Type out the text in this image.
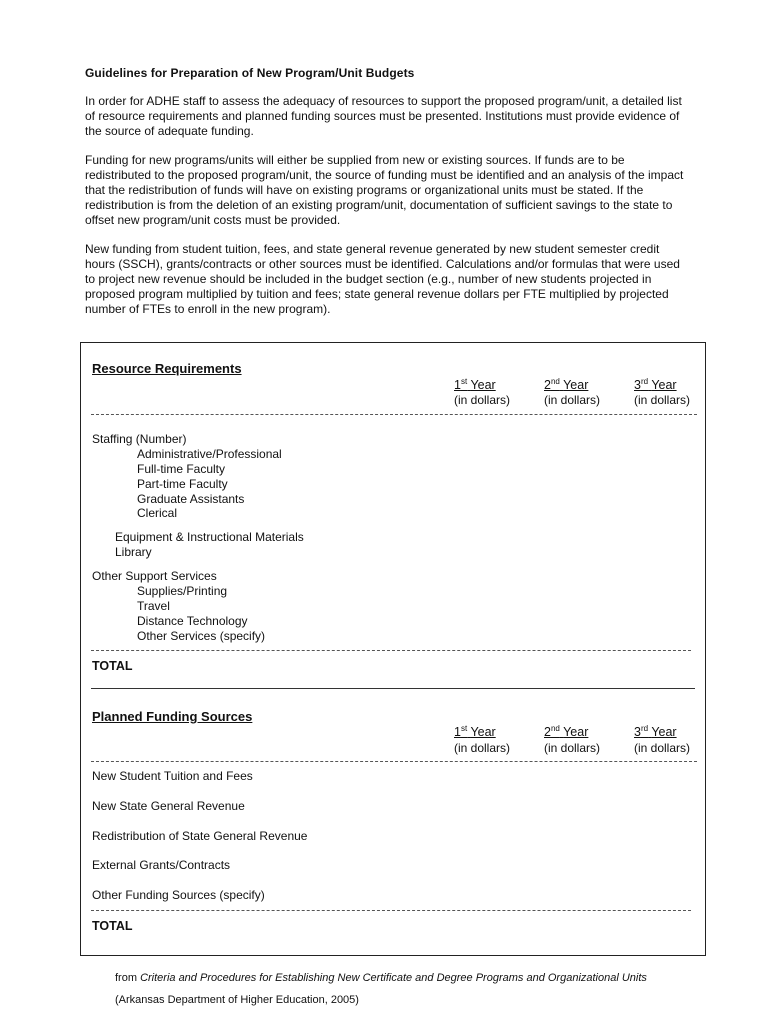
Guidelines for Preparation of New Program/Unit Budgets

In order for ADHE staff to assess the adequacy of resources to support the proposed program/unit, a detailed list of resource requirements and planned funding sources must be presented. Institutions must provide evidence of the source of adequate funding.

Funding for new programs/units will either be supplied from new or existing sources. If funds are to be redistributed to the proposed program/unit, the source of funding must be identified and an analysis of the impact that the redistribution of funds will have on existing programs or organizational units must be stated. If the redistribution is from the deletion of an existing program/unit, documentation of sufficient savings to the state to offset new program/unit costs must be provided.

New funding from student tuition, fees, and state general revenue generated by new student semester credit hours (SSCH), grants/contracts or other sources must be identified. Calculations and/or formulas that were used to project new revenue should be included in the budget section (e.g., number of new students projected in proposed program multiplied by tuition and fees; state general revenue dollars per FTE multiplied by projected number of FTEs to enroll in the new program).

Resource Requirements
1st Year	2nd Year	3rd Year
(in dollars)	(in dollars)	(in dollars)
Staffing (Number)
Administrative/Professional
Full-time Faculty
Part-time Faculty
Graduate Assistants
Clerical
Equipment & Instructional Materials
Library
Other Support Services
Supplies/Printing
Travel
Distance Technology
Other Services (specify)
TOTAL
Planned Funding Sources
1st Year	2nd Year	3rd Year
(in dollars)	(in dollars)	(in dollars)
New Student Tuition and Fees
New State General Revenue
Redistribution of State General Revenue
External Grants/Contracts
Other Funding Sources (specify)
TOTAL
from Criteria and Procedures for Establishing New Certificate and Degree Programs and Organizational Units
(Arkansas Department of Higher Education, 2005)
